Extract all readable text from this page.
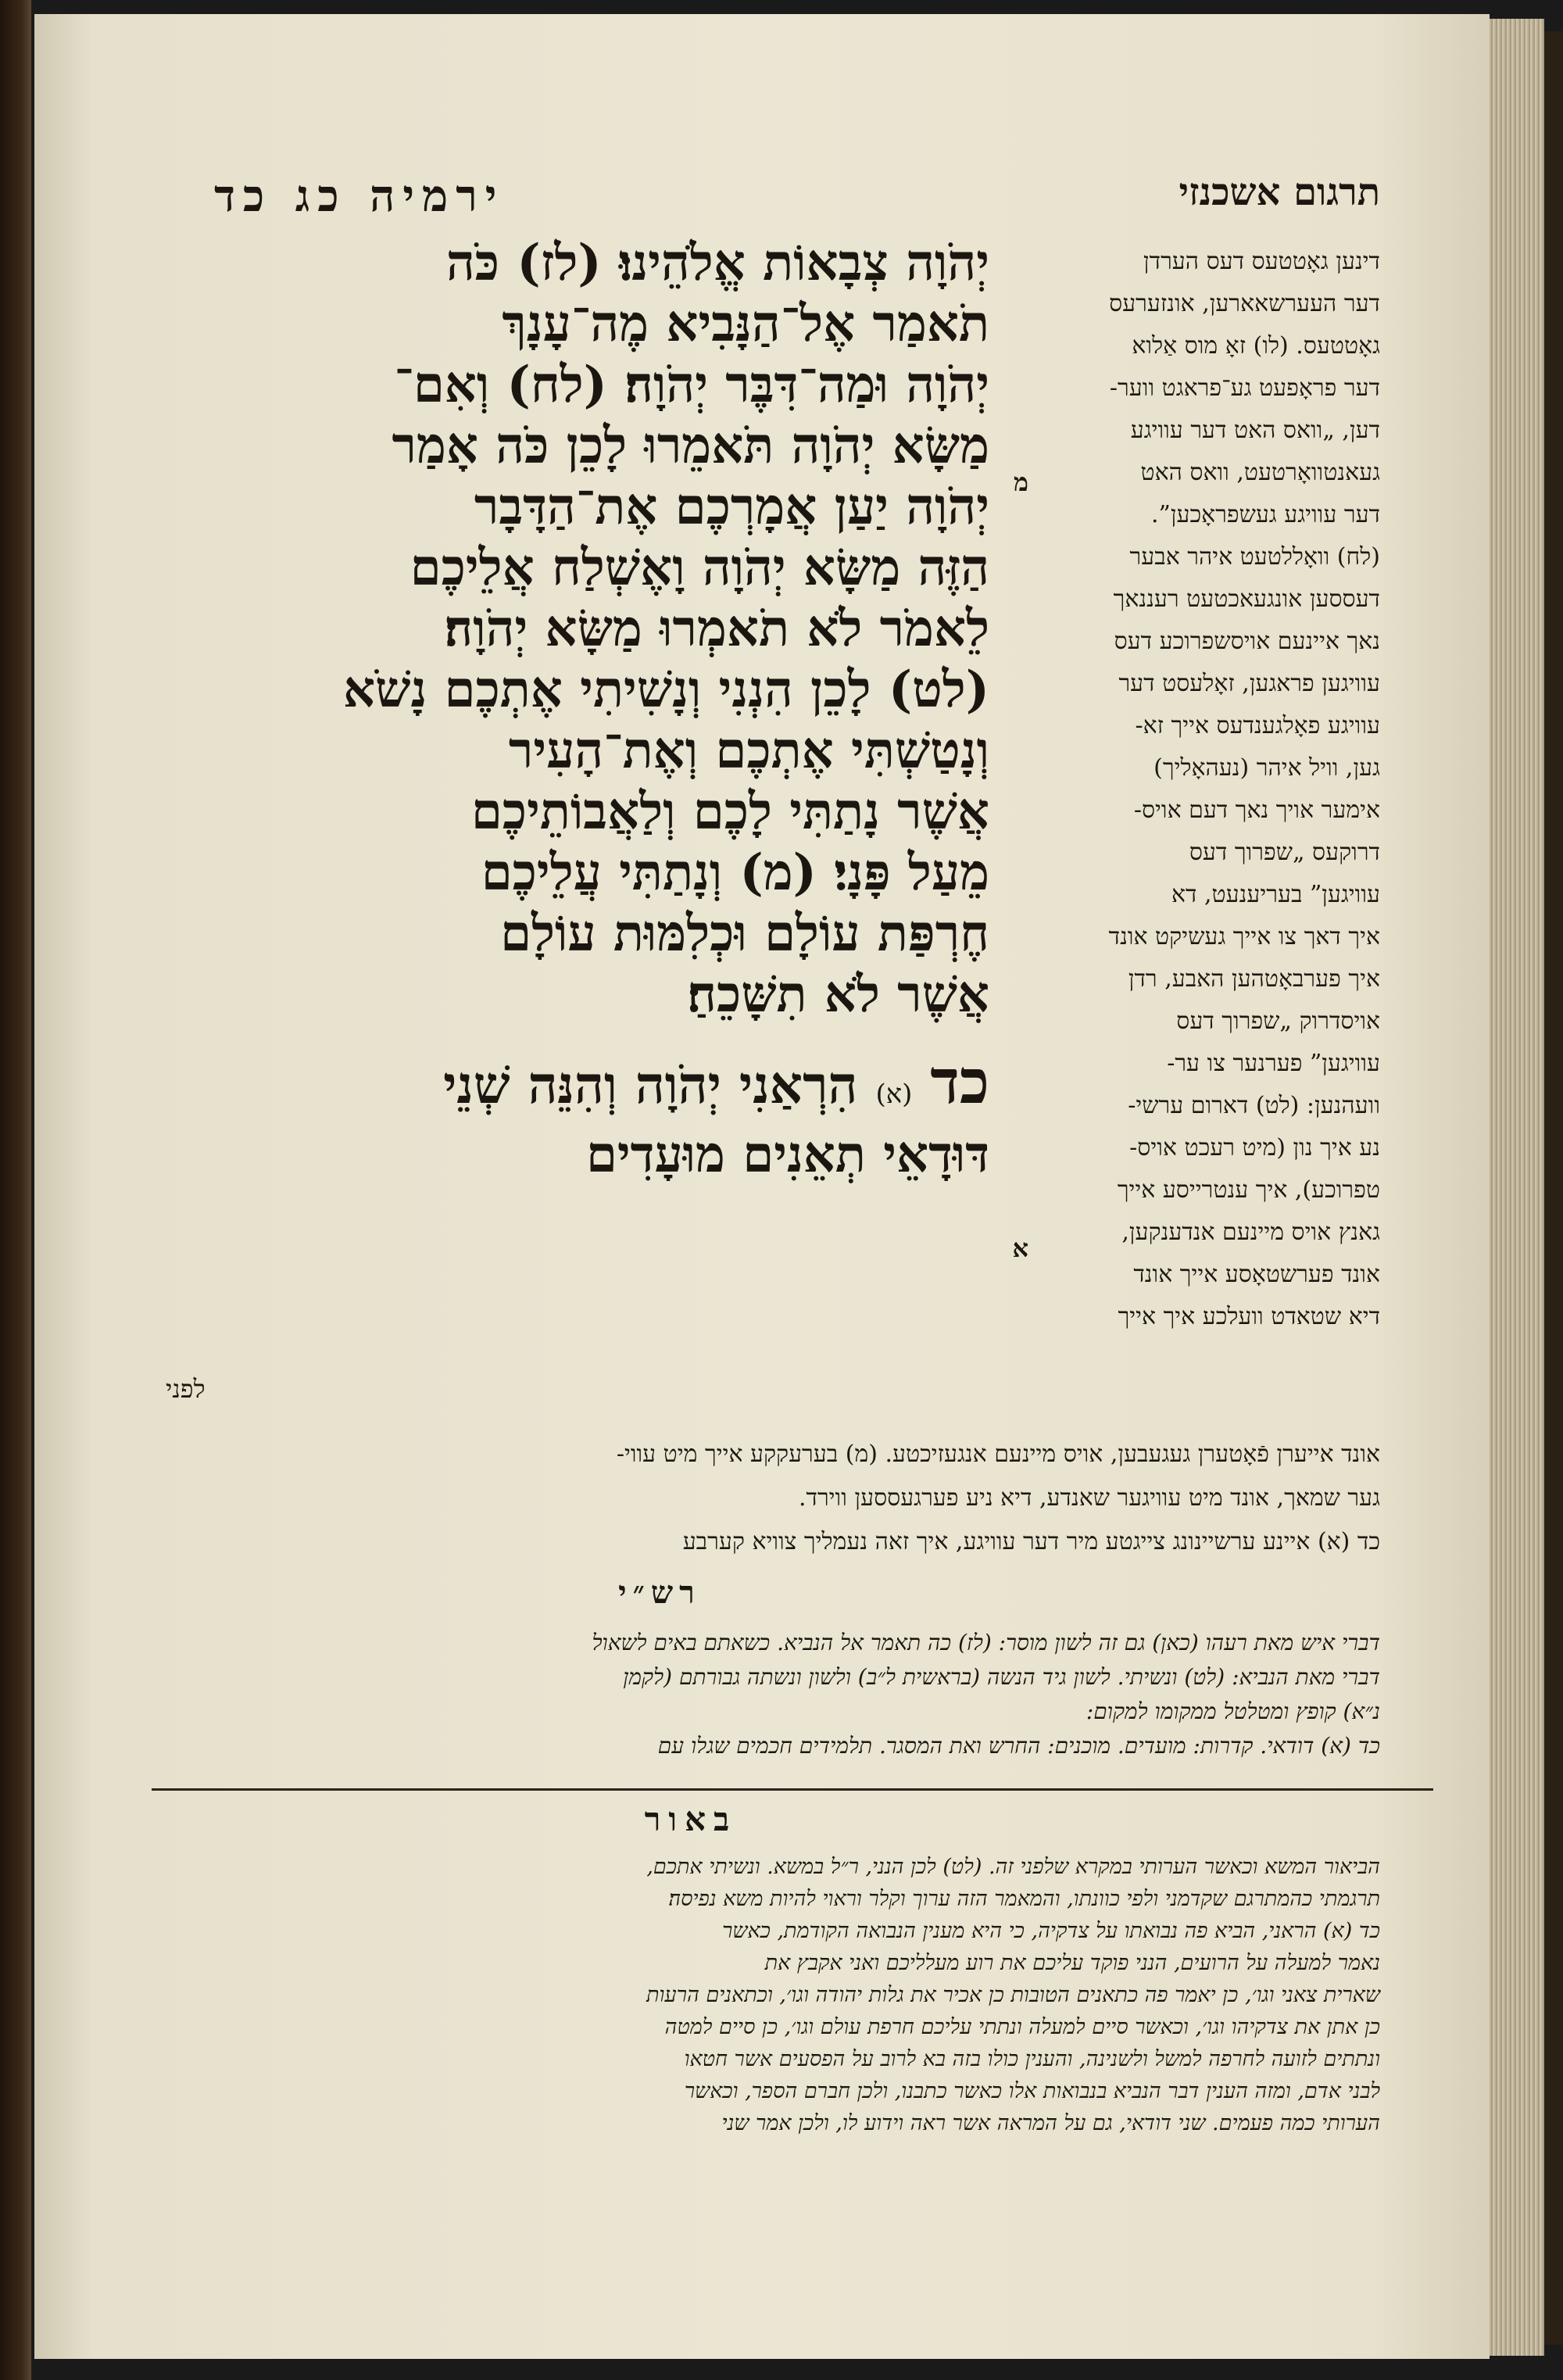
ירמיה כג כד	תרגום אשכנזי

דינען גאָטטעס דעס הערדן

דער העערשאארען, אונזערעס

גאָטטעס. (לו) זאָ מוס אַלוא

דער פראָפעט גע־פראגט ווער-

דען, „וואס האט דער עוויגע

געאנטוואָרטעט, וואס האט

דער עוויגע געשפראָכען”.

(לח) וואָללטעט איהר אבער

דעססען אונגעאכטעט רעננאך

נאך איינעם אויסשפרוכע דעס

עוויגען פראגען, זאָלעסט דער

עוויגע פאָלגענדעס אייך זא-

גען, וויל איהר (נעהאָליך)

אימער אויך נאך דעם אויס-

דרוקעס „שפרוך דעס

עוויגען” בעריענעט, דא

איך דאך צו אייך געשיקט אונד

איך פערבאָטהען האבע, רדן

אויסדרוק „שפרוך דעס

עוויגען” פערנער צו ער-

וועהנען: (לט) דארום ערשי-

נע איך נון (מיט רעכט אויס-

טפרוכע), איך ענטרייסע אייך

גאנץ אויס מיינעם אנדענקען,

אונד פערשטאָסע אייך אונד

דיא שטאדט וועלכע איך אייך

מ
א

יְהֹוָה צְבָאוֹת אֱלֹהֵינוּ׃ (לז) כֹּה

תֹאמַר אֶל־הַנָּבִיא מֶה־עָנָךְ

יְהֹוָה וּמַה־דִּבֶּר יְהֹוָה׃ (לח) וְאִם־

מַשָּׂא יְהֹוָה תֹּאמֵרוּ לָכֵן כֹּה אָמַר

יְהֹוָה יַעַן אֲמָרְכֶם אֶת־הַדָּבָר

הַזֶּה מַשָּׂא יְהֹוָה וָאֶשְׁלַח אֲלֵיכֶם

לֵאמֹר לֹא תֹאמְרוּ מַשָּׂא יְהֹוָה׃

(לט) לָכֵן הִנְנִי וְנָשִׁיתִי אֶתְכֶם נָשֹׁא

וְנָטַשְׁתִּי אֶתְכֶם וְאֶת־הָעִיר

אֲשֶׁר נָתַתִּי לָכֶם וְלַאֲבוֹתֵיכֶם

מֵעַל פָּנָי׃ (מ) וְנָתַתִּי עֲלֵיכֶם

חֶרְפַּת עוֹלָם וּכְלִמּוּת עוֹלָם

אֲשֶׁר לֹא תִשָּׁכֵחַ׃

כד (א) הִרְאַנִי יְהֹוָה וְהִנֵּה שְׁנֵי

דּוּדָאֵי תְאֵנִים מוּעָדִים

לפני

אונד אייערן פֿאָטערן געגעבען, אויס מיינעם אנגעזיכטע. (מ) בערעקקע אייך מיט עווי-

גער שמאך, אונד מיט עוויגער שאנדע, דיא ניע פערגעססען ווירד.

כד (א) איינע ערשיינונג צייגטע מיר דער עוויגע, איך זאה נעמליך צוויא קערבע

רש״י

דברי איש מאת רעהו (כאן) גם זה לשון מוסר: (לז) כה תאמר אל הנביא. כשאתם באים לשאול

דברי מאת הנביא: (לט) ונשיתי. לשון גיד הנשה (בראשית ל״ב) ולשון ונשתה גבורתם (לקמן

נ״א) קופץ ומטלטל ממקומו למקום:

כד (א) דודאי. קדרות: מועדים. מוכנים: החרש ואת המסגר. תלמידים חכמים שגלו עם

באור

הביאור המשא וכאשר הערותי במקרא שלפני זה. (לט) לכן הנני, ר״ל במשא. ונשיתי אתכם,

תרגמתי כהמתרגם שקדמני ולפי כוונתו, והמאמר הזה ערוך וקלר וראוי להיות משא נפיסה׃

כד (א) הראני, הביא פה נבואתו על צדקיה, כי היא מענין הנבואה הקודמת, כאשר

נאמר למעלה על הרועים, הנני פוקד עליכם את רוע מעלליכם ואני אקבץ את

שארית צאני וגו׳, כן יאמר פה כתאנים הטובות כן אכיר את גלות יהודה וגו׳, וכתאנים הרעות

כן אתן את צדקיהו וגו׳, וכאשר סיים למעלה ונתתי עליכם חרפת עולם וגו׳, כן סיים למטה

ונתתים לזועה לחרפה למשל ולשנינה, והענין כולו בזה בא לרוב על הפסעים אשר חטאו

לבני אדם, ומזה הענין דבר הנביא בנבואות אלו כאשר כתבנו, ולכן חברם הספר, וכאשר

הערותי כמה פעמים. שני דודאי, גם על המראה אשר ראה וידוע לו, ולכן אמר שני
